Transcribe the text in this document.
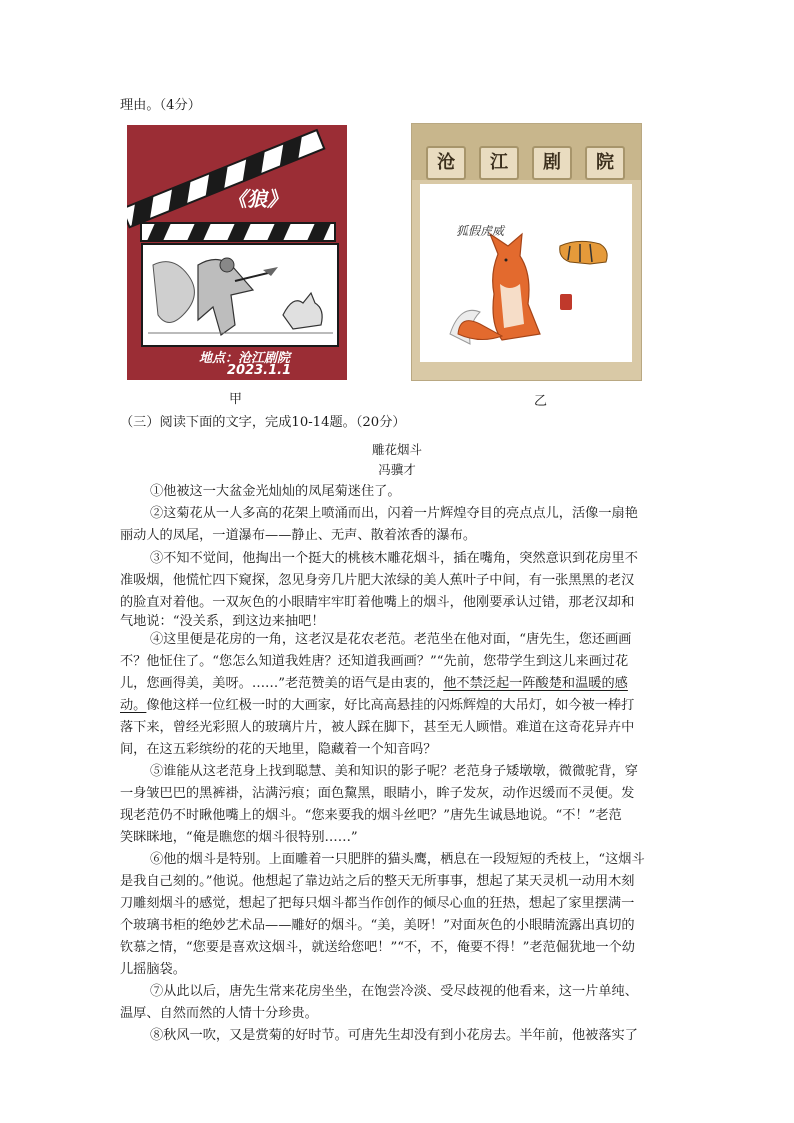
理由。（4分）
《狼》
地点：沧江剧院
2023.1.1
甲
沧	江	剧	院
狐假虎威
乙
（三）阅读下面的文字，完成10-14题。（20分）
雕花烟斗
冯骥才
①他被这一大盆金光灿灿的凤尾菊迷住了。
②这菊花从一人多高的花架上喷涌而出，闪着一片辉煌夺目的亮点点儿，活像一扇艳
丽动人的凤尾，一道瀑布——静止、无声、散着浓香的瀑布。
③不知不觉间，他掏出一个挺大的桃核木雕花烟斗，插在嘴角，突然意识到花房里不
准吸烟，他慌忙四下窥探，忽见身旁几片肥大浓绿的美人蕉叶子中间，有一张黑黑的老汉
的脸直对着他。一双灰色的小眼睛牢牢盯着他嘴上的烟斗，他刚要承认过错，那老汉却和
气地说：“没关系，到这边来抽吧！
④这里便是花房的一角，这老汉是花农老范。老范坐在他对面，“唐先生，您还画画
不？他怔住了。“您怎么知道我姓唐？还知道我画画？”“先前，您带学生到这儿来画过花
儿，您画得美，美呀。……”老范赞美的语气是由衷的，他不禁泛起一阵酸楚和温暖的感
动。像他这样一位红极一时的大画家，好比高高悬挂的闪烁辉煌的大吊灯，如今被一棒打
落下来，曾经光彩照人的玻璃片片，被人踩在脚下，甚至无人顾惜。难道在这奇花异卉中
间，在这五彩缤纷的花的天地里，隐藏着一个知音吗？
⑤谁能从这老范身上找到聪慧、美和知识的影子呢？老范身子矮墩墩，微微驼背，穿
一身皱巴巴的黑裤褂，沾满污痕；面色黧黑，眼睛小，眸子发灰，动作迟缓而不灵便。发
现老范仍不时瞅他嘴上的烟斗。“您来要我的烟斗丝吧？”唐先生诚恳地说。“不！”老范
笑眯眯地，“俺是瞧您的烟斗很特别……”
⑥他的烟斗是特别。上面雕着一只肥胖的猫头鹰，栖息在一段短短的秃枝上，“这烟斗
是我自己刻的。”他说。他想起了靠边站之后的整天无所事事，想起了某天灵机一动用木刻
刀雕刻烟斗的感觉，想起了把每只烟斗都当作创作的倾尽心血的狂热，想起了家里摆满一
个玻璃书柜的绝妙艺术品——雕好的烟斗。“美，美呀！”对面灰色的小眼睛流露出真切的
钦慕之情，“您要是喜欢这烟斗，就送给您吧！”“不，不，俺要不得！”老范倔犹地一个幼
儿摇脑袋。
⑦从此以后，唐先生常来花房坐坐，在饱尝冷淡、受尽歧视的他看来，这一片单纯、
温厚、自然而然的人情十分珍贵。
⑧秋风一吹，又是赏菊的好时节。可唐先生却没有到小花房去。半年前，他被落实了
